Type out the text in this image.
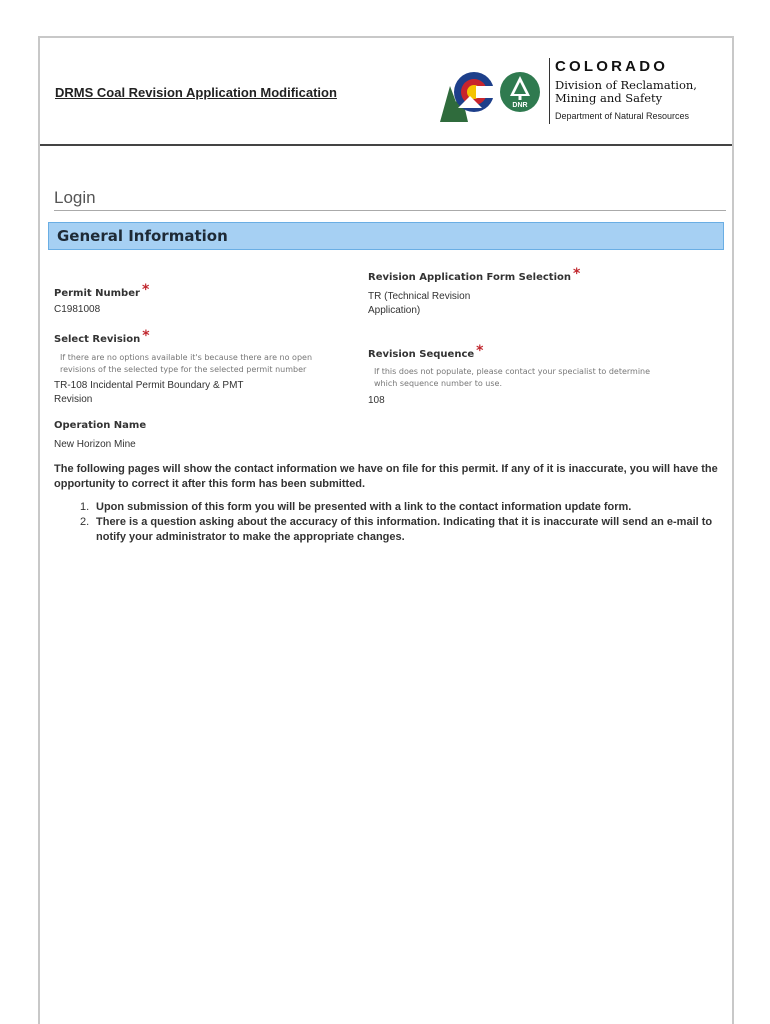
DRMS Coal Revision Application Modification
DNR
COLORADO
Division of Reclamation,
Mining and Safety
Department of Natural Resources
Login
General Information
Permit Number *
C1981008
Select Revision *
If there are no options available it's because there are no open
revisions of the selected type for the selected permit number
TR-108 Incidental Permit Boundary & PMT
Revision
Operation Name
New Horizon Mine
Revision Application Form Selection *
TR (Technical Revision
Application)
Revision Sequence *
If this does not populate, please contact your specialist to determine
which sequence number to use.
108
The following pages will show the contact information we have on file for this permit. If any of it is inaccurate, you will have the opportunity to correct it after this form has been submitted.
1. Upon submission of this form you will be presented with a link to the contact information update form.
2. There is a question asking about the accuracy of this information. Indicating that it is inaccurate will send an e-mail to notify your administrator to make the appropriate changes.
